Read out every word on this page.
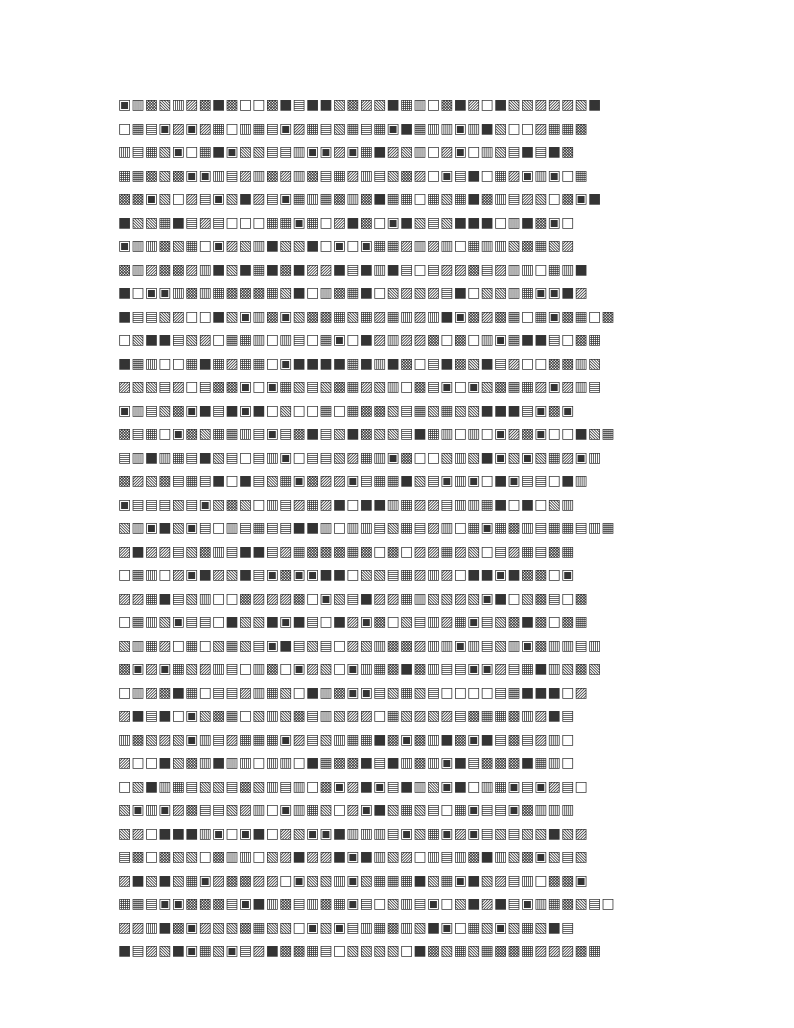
▣▥▩▧▥▨▩■▩□□▩■▤■■▧▩▨▧■▦▥□▩■▨□■▧▧▨▨▨▧■
□▦▤▣▨▣▨▦□▥▦▤▣▨▦▤▧▦▤▦▣■▦▥▥▣▥■▧□□▨▦▦▩
▥▤▦▧▣□▦■▣▧▧▤▤▥▣▣▨▣▦■▨▧▥□▨▣□▥▧▤■▤■▩
▦▦▩▧▩▣▣▥▤▨▥▩▨▥▩▤▦▨▥▤▧▩▨□▣▤■□▦▨▣▥▣□▦
▩▩▣▧□▨▤▣▧■▨▤▣▦▥▦▩▥▩■▦▦□▦▧▦■▩▥▤▨▧□▩▣■
■▧▧▦■▤▨▤□□□▦▦▣▦□▨■▩□▣■▧▤▧■■■□▥■▩▣□
▣▥▥▩▧▦□▣▨▧▥■▧▧■□▣□▣▦▦▨▥▨▥□▦▥▥▧▩▦▧▨
▩▥▨▩▩▨▥■▧■▦■▩■▨▨■▤■▥■▤□▤▨▨▩▤▨▥▥□▦▥■
■□▣▣▥▩▥▦▩▩▩▦▧■□▥▩▦■□▧▨▧▨▤■□▧▧▥▦▣▣■▨
■▤▤▧▨□□■▧▣▥▩▣▧▩▩▦▧▦▨▦▥▨▥■▣▩▨▩▦□▦▣▩▦□▩
□▧■■▤▧▨□▦▦▥□▥▤□▦▣□■▨▥▨▨▩□▩□▥▣▦■■▤□▩▦
■▦▥□□▦■▦▨▦▦□▣■■■■▦■▥■▩□▤■▩▧■▤▨□□▩▩▥▧
▨▧▧▤▨□▤▩▩▣□▣▦▧▤▧▩▦▨▧▥□▩▤▣□▣▧▩▦▦▨▣▨▥▤
▣▥▤▧▩▣■▤■▣■□▧□□▦□▦▩▩▧▤▦▧▦▧▧■■■▤▣▩▣
▩▤▦□▣▩▧▦▦▥▤▣▤▩■▤▧■▩▧▧▤■▦▥□▥□▣▨▩▣□□■▧▦
▤▥■▥▦▤■▧▤□▤▥▣□▤▤▧▨▦▥▣▩□□▧▥▧■▣▧▣▧▦▨▣▥
▩▨▧▩▤▦▤■□■▤▧▦▣▩▨▨▣▤▦▦■▧▤▣▥▣□■▣▤▤□■▥
▣▤▤▤▧▤▣▧▩▧□▥▤▨▦▨■□■■▥▦▨▨▤▥▥▦■□■□▧▥
▧▥▣■▧▣▤□▥▤▦▤▤■■▥□▥▥▤▧▦▤▨▥□▦▣▦▩▥▤▦▦▤▥▦
▨■▨▨▤▧▩▥▤■■▤▨▦▩▩▩▦▩□▩□▨▨▦▨▧□▤▨▦▤▩▦
□▦▥□▨▣■▨▧■▤▣▩▣▣■■□▧▧▤▦▨▥▨□■■▣■▩▩□▣
▨▨▦■▤▧▥□□▩▨▨▨▩□▣▧▤■▨▨▦▥▧▧▨▧▣■□▧▩▤□▩
□▦▥▧▣▤▤□■▧▧■▣■▤□■▨▣▩□▧▤▥▨▦▣▤▧▩■▩□▩▦
▧▥▦▨□▦□▧▦▧▤▣■▤▧▤□▨▧▥▩▩▨▥▥▣▥▤▧▥▣▩▥▥▤▥
▩▣▨▣▦▧▨▥▤□▥▩□▣▨▧□▣▥▦▩■▩▥▤▤▣▣▨▤▦■▥▧▩▧
□▥▨▩■▦□▤▤▨▥▦▧□■▥▩▣▣▤▧▦▧▤□□□□▤▦■■■□▨
▨■▤■□▣▧▩▦□▧▥▧▩▤▥▧▨▨□▦▧▨▧▨▤▩▦▦▩▥▨■▤
▥▩▧▨▧▣▥▤▨▦▦▦▣▨▤▧▥▦▦■▩▣▩▥■▩▣■▤▩▤▨▥□
▨□□■▧▩▥■▥▥□▥▥□■▦▩▩■▤■▥▩▥▣■▤▩▩▩■▦▥□
□▧■▥▦▤▧▧▤▩▧▥▤▥□▩▣▨■▣▤■▥▧▣■□▥▦▣▤▣▨▤□
▧▣▥▣▨▩▤▤▧▨▥□▣▥▦▧□▨▣■▧▦▧▤□▦▣▤▤▣▩▥▥▥
▧▨□■■■▥▣□▣■□▨▧▣▣■▥▥▥▤▣▧▦▣▨▣▤▧▤▧▧■▧▨
▤▩□▩▧▧□▩▥▥□▧▨■▨▨■▣■▥▧▨□▥▤▥▩■▥▧▩▣▧▤▧
▨■▧■▧▦▣▨▩▩▨▨□▣▧▧▥▣▧▦▦▦■▧▦▣■▧▨▤▥□▩▩▣
▦▦▤▣▣▩▩▩▤▣■▥▩▤▥▩▦▣▤□▧▥▤▣□▧■▨■▤▣▥▦▩▧▤□
▨▨▥■▩▣▨▧▧▩▦▧▧□▣▧▣▤▥▦▩▥▧■▣□▦▧▣▧▦▧■▤
■▤▨▧■▣▦▧▣▤▨■▩▩▦▤□▧▧▧▧□■▩▧▦▧▦▩▩▦▨▨▨▩▦
